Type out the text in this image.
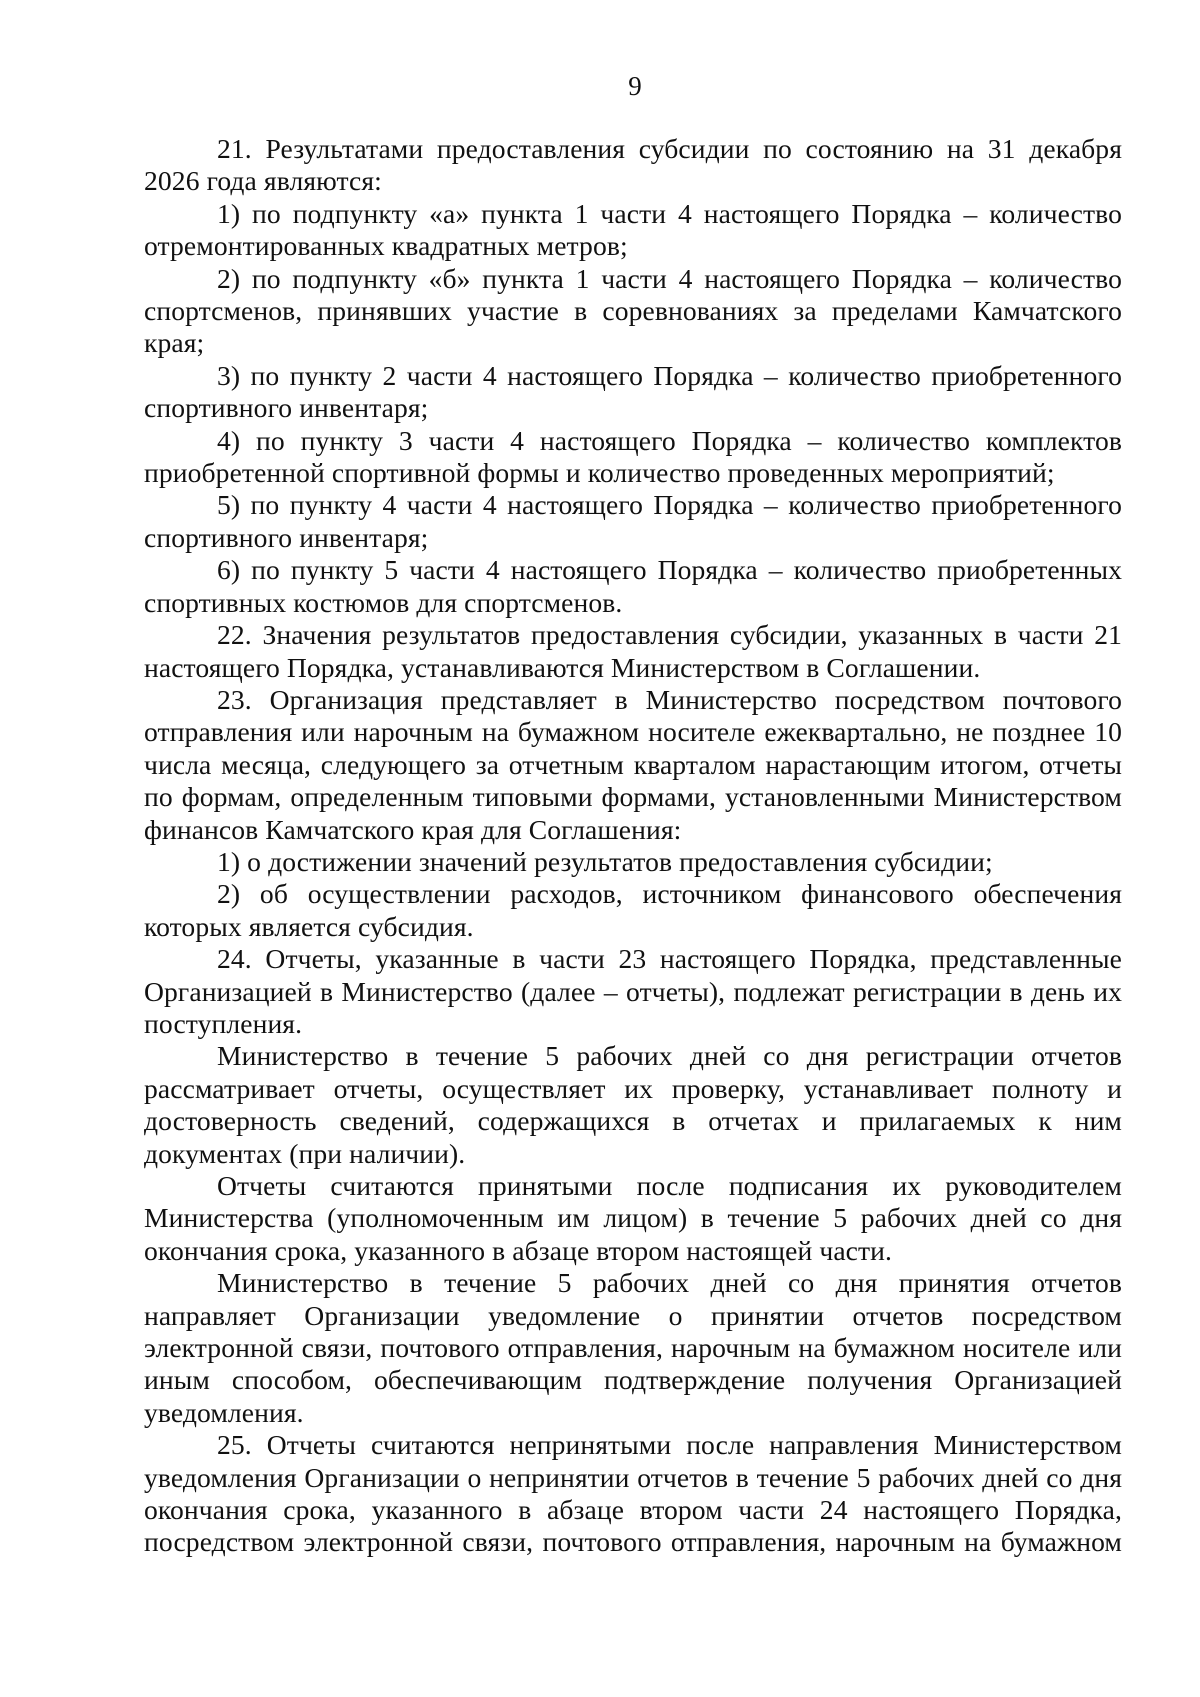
9

21. Результатами предоставления субсидии по состоянию на 31 декабря 2026 года являются:

1) по подпункту «а» пункта 1 части 4 настоящего Порядка – количество отремонтированных квадратных метров;

2) по подпункту «б» пункта 1 части 4 настоящего Порядка – количество спортсменов, принявших участие в соревнованиях за пределами Камчатского края;

3) по пункту 2 части 4 настоящего Порядка – количество приобретенного спортивного инвентаря;

4) по пункту 3 части 4 настоящего Порядка – количество комплектов приобретенной спортивной формы и количество проведенных мероприятий;

5) по пункту 4 части 4 настоящего Порядка – количество приобретенного спортивного инвентаря;

6) по пункту 5 части 4 настоящего Порядка – количество приобретенных спортивных костюмов для спортсменов.

22. Значения результатов предоставления субсидии, указанных в части 21 настоящего Порядка, устанавливаются Министерством в Соглашении.

23. Организация представляет в Министерство посредством почтового отправления или нарочным на бумажном носителе ежеквартально, не позднее 10 числа месяца, следующего за отчетным кварталом нарастающим итогом, отчеты по формам, определенным типовыми формами, установленными Министерством финансов Камчатского края для Соглашения:

1) о достижении значений результатов предоставления субсидии;

2) об осуществлении расходов, источником финансового обеспечения которых является субсидия.

24. Отчеты, указанные в части 23 настоящего Порядка, представленные Организацией в Министерство (далее – отчеты), подлежат регистрации в день их поступления.

Министерство в течение 5 рабочих дней со дня регистрации отчетов рассматривает отчеты, осуществляет их проверку, устанавливает полноту и достоверность сведений, содержащихся в отчетах и прилагаемых к ним документах (при наличии).

Отчеты считаются принятыми после подписания их руководителем Министерства (уполномоченным им лицом) в течение 5 рабочих дней со дня окончания срока, указанного в абзаце втором настоящей части.

Министерство в течение 5 рабочих дней со дня принятия отчетов направляет Организации уведомление о принятии отчетов посредством электронной связи, почтового отправления, нарочным на бумажном носителе или иным способом, обеспечивающим подтверждение получения Организацией уведомления.

25. Отчеты считаются непринятыми после направления Министерством уведомления Организации о непринятии отчетов в течение 5 рабочих дней со дня окончания срока, указанного в абзаце втором части 24 настоящего Порядка, посредством электронной связи, почтового отправления, нарочным на бумажном
